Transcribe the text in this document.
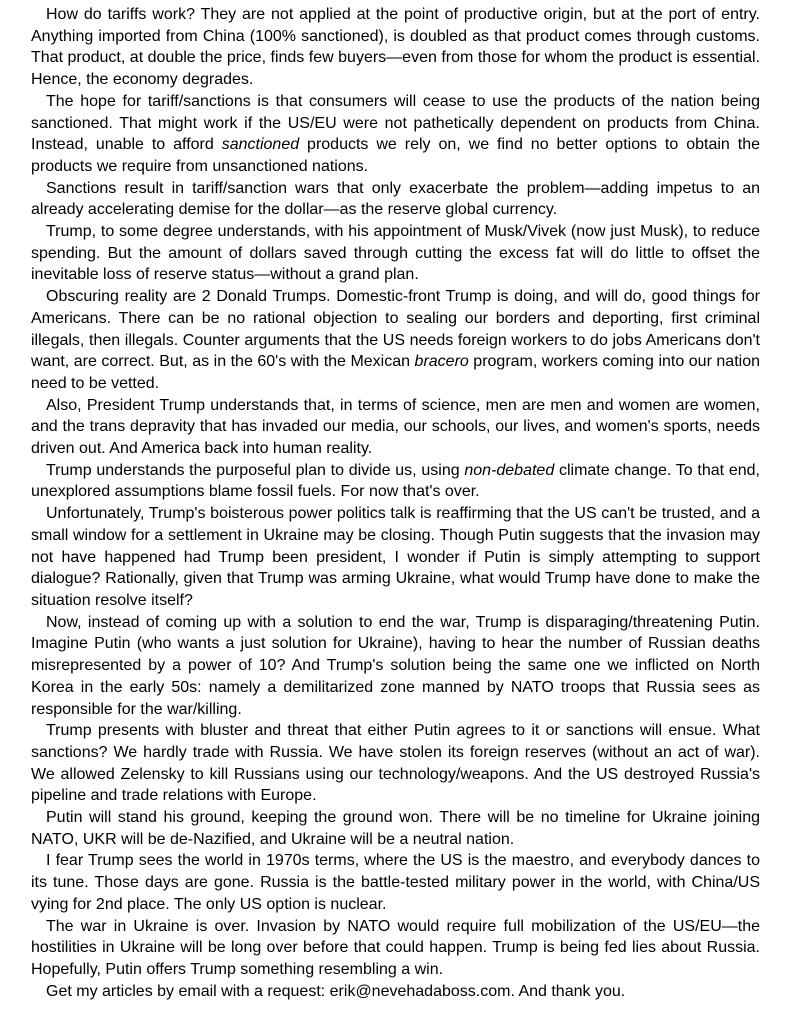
How do tariffs work? They are not applied at the point of productive origin, but at the port of entry. Anything imported from China (100% sanctioned), is doubled as that product comes through customs. That product, at double the price, finds few buyers—even from those for whom the product is essential. Hence, the economy degrades.

The hope for tariff/sanctions is that consumers will cease to use the products of the nation being sanctioned. That might work if the US/EU were not pathetically dependent on products from China. Instead, unable to afford sanctioned products we rely on, we find no better options to obtain the products we require from unsanctioned nations.

Sanctions result in tariff/sanction wars that only exacerbate the problem—adding impetus to an already accelerating demise for the dollar—as the reserve global currency.

Trump, to some degree understands, with his appointment of Musk/Vivek (now just Musk), to reduce spending. But the amount of dollars saved through cutting the excess fat will do little to offset the inevitable loss of reserve status—without a grand plan.

Obscuring reality are 2 Donald Trumps. Domestic-front Trump is doing, and will do, good things for Americans. There can be no rational objection to sealing our borders and deporting, first criminal illegals, then illegals. Counter arguments that the US needs foreign workers to do jobs Americans don't want, are correct. But, as in the 60's with the Mexican bracero program, workers coming into our nation need to be vetted.

Also, President Trump understands that, in terms of science, men are men and women are women, and the trans depravity that has invaded our media, our schools, our lives, and women's sports, needs driven out. And America back into human reality.

Trump understands the purposeful plan to divide us, using non-debated climate change. To that end, unexplored assumptions blame fossil fuels. For now that's over.

Unfortunately, Trump's boisterous power politics talk is reaffirming that the US can't be trusted, and a small window for a settlement in Ukraine may be closing. Though Putin suggests that the invasion may not have happened had Trump been president, I wonder if Putin is simply attempting to support dialogue? Rationally, given that Trump was arming Ukraine, what would Trump have done to make the situation resolve itself?

Now, instead of coming up with a solution to end the war, Trump is disparaging/threatening Putin. Imagine Putin (who wants a just solution for Ukraine), having to hear the number of Russian deaths misrepresented by a power of 10? And Trump's solution being the same one we inflicted on North Korea in the early 50s: namely a demilitarized zone manned by NATO troops that Russia sees as responsible for the war/killing.

Trump presents with bluster and threat that either Putin agrees to it or sanctions will ensue. What sanctions? We hardly trade with Russia. We have stolen its foreign reserves (without an act of war). We allowed Zelensky to kill Russians using our technology/weapons. And the US destroyed Russia's pipeline and trade relations with Europe.

Putin will stand his ground, keeping the ground won. There will be no timeline for Ukraine joining NATO, UKR will be de-Nazified, and Ukraine will be a neutral nation.

I fear Trump sees the world in 1970s terms, where the US is the maestro, and everybody dances to its tune. Those days are gone. Russia is the battle-tested military power in the world, with China/US vying for 2nd place. The only US option is nuclear.

The war in Ukraine is over. Invasion by NATO would require full mobilization of the US/EU—the hostilities in Ukraine will be long over before that could happen. Trump is being fed lies about Russia. Hopefully, Putin offers Trump something resembling a win.

Get my articles by email with a request: erik@nevehadaboss.com. And thank you.
